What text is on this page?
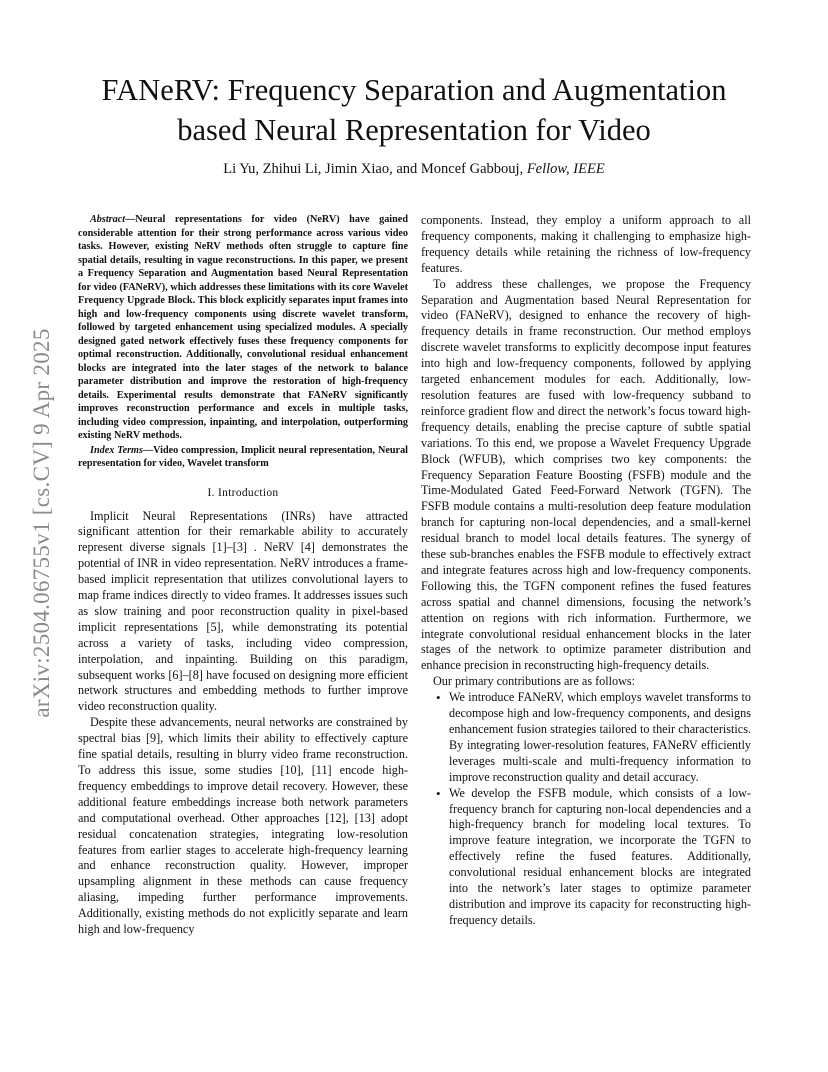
arXiv:2504.06755v1 [cs.CV] 9 Apr 2025
FANeRV: Frequency Separation and Augmentation
based Neural Representation for Video

Li Yu, Zhihui Li, Jimin Xiao, and Moncef Gabbouj, Fellow, IEEE

Abstract—Neural representations for video (NeRV) have gained considerable attention for their strong performance across various video tasks. However, existing NeRV methods often struggle to capture fine spatial details, resulting in vague reconstructions. In this paper, we present a Frequency Separation and Augmentation based Neural Representation for video (FANeRV), which addresses these limitations with its core Wavelet Frequency Upgrade Block. This block explicitly separates input frames into high and low-frequency components using discrete wavelet transform, followed by targeted enhancement using specialized modules. A specially designed gated network effectively fuses these frequency components for optimal reconstruction. Additionally, convolutional residual enhancement blocks are integrated into the later stages of the network to balance parameter distribution and improve the restoration of high-frequency details. Experimental results demonstrate that FANeRV significantly improves reconstruction performance and excels in multiple tasks, including video compression, inpainting, and interpolation, outperforming existing NeRV methods.

Index Terms—Video compression, Implicit neural representation, Neural representation for video, Wavelet transform

I. Introduction

Implicit Neural Representations (INRs) have attracted significant attention for their remarkable ability to accurately represent diverse signals [1]–[3] . NeRV [4] demonstrates the potential of INR in video representation. NeRV introduces a frame-based implicit representation that utilizes convolutional layers to map frame indices directly to video frames. It addresses issues such as slow training and poor reconstruction quality in pixel-based implicit representations [5], while demonstrating its potential across a variety of tasks, including video compression, interpolation, and inpainting. Building on this paradigm, subsequent works [6]–[8] have focused on designing more efficient network structures and embedding methods to further improve video reconstruction quality.

Despite these advancements, neural networks are constrained by spectral bias [9], which limits their ability to effectively capture fine spatial details, resulting in blurry video frame reconstruction. To address this issue, some studies [10], [11] encode high-frequency embeddings to improve detail recovery. However, these additional feature embeddings increase both network parameters and computational overhead. Other approaches [12], [13] adopt residual concatenation strategies, integrating low-resolution features from earlier stages to accelerate high-frequency learning and enhance reconstruction quality. However, improper upsampling alignment in these methods can cause frequency aliasing, impeding further performance improvements. Additionally, existing methods do not explicitly separate and learn high and low-frequency

components. Instead, they employ a uniform approach to all frequency components, making it challenging to emphasize high-frequency details while retaining the richness of low-frequency features.

To address these challenges, we propose the Frequency Separation and Augmentation based Neural Representation for video (FANeRV), designed to enhance the recovery of high-frequency details in frame reconstruction. Our method employs discrete wavelet transforms to explicitly decompose input features into high and low-frequency components, followed by applying targeted enhancement modules for each. Additionally, low-resolution features are fused with low-frequency subband to reinforce gradient flow and direct the network’s focus toward high-frequency details, enabling the precise capture of subtle spatial variations. To this end, we propose a Wavelet Frequency Upgrade Block (WFUB), which comprises two key components: the Frequency Separation Feature Boosting (FSFB) module and the Time-Modulated Gated Feed-Forward Network (TGFN). The FSFB module contains a multi-resolution deep feature modulation branch for capturing non-local dependencies, and a small-kernel residual branch to model local details features. The synergy of these sub-branches enables the FSFB module to effectively extract and integrate features across high and low-frequency components. Following this, the TGFN component refines the fused features across spatial and channel dimensions, focusing the network’s attention on regions with rich information. Furthermore, we integrate convolutional residual enhancement blocks in the later stages of the network to optimize parameter distribution and enhance precision in reconstructing high-frequency details.

Our primary contributions are as follows:

• We introduce FANeRV, which employs wavelet transforms to decompose high and low-frequency components, and designs enhancement fusion strategies tailored to their characteristics. By integrating lower-resolution features, FANeRV efficiently leverages multi-scale and multi-frequency information to improve reconstruction quality and detail accuracy.
• We develop the FSFB module, which consists of a low-frequency branch for capturing non-local dependencies and a high-frequency branch for modeling local textures. To improve feature integration, we incorporate the TGFN to effectively refine the fused features. Additionally, convolutional residual enhancement blocks are integrated into the network’s later stages to optimize parameter distribution and improve its capacity for reconstructing high-frequency details.
